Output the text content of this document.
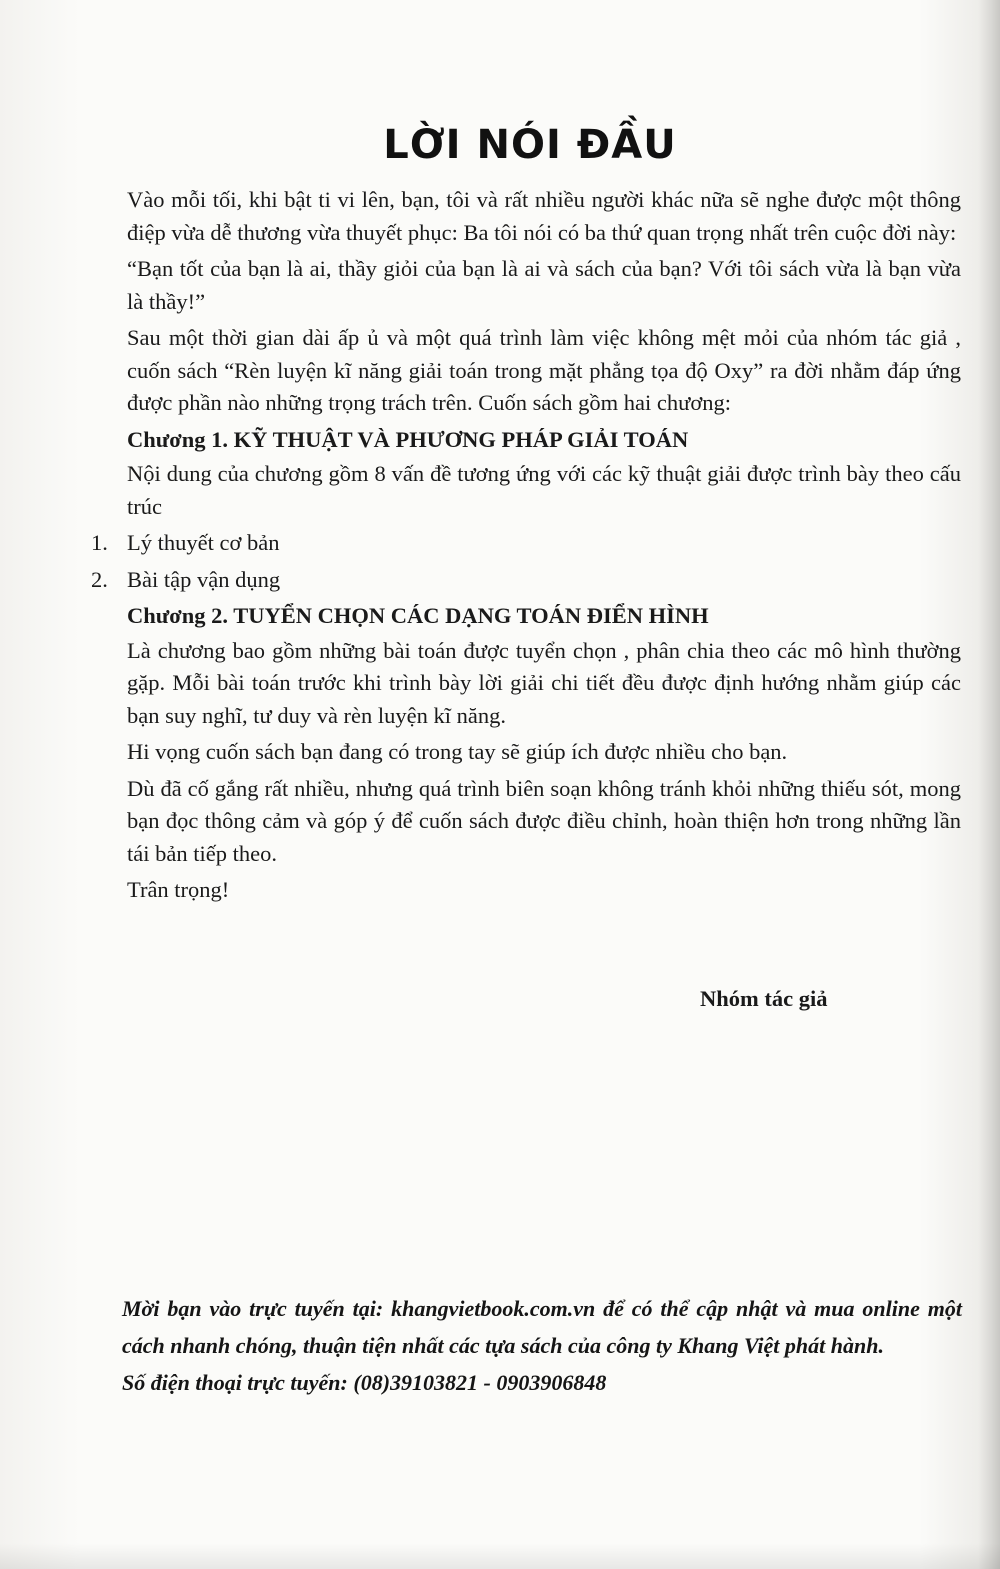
LỜI NÓI ĐẦU

Vào mỗi tối, khi bật ti vi lên, bạn, tôi và rất nhiều người khác nữa sẽ nghe được một thông điệp vừa dễ thương vừa thuyết phục: Ba tôi nói có ba thứ quan trọng nhất trên cuộc đời này:

“Bạn tốt của bạn là ai, thầy giỏi của bạn là ai và sách của bạn? Với tôi sách vừa là bạn vừa là thầy!”

Sau một thời gian dài ấp ủ và một quá trình làm việc không mệt mỏi của nhóm tác giả , cuốn sách “Rèn luyện kĩ năng giải toán trong mặt phẳng tọa độ Oxy” ra đời nhằm đáp ứng được phần nào những trọng trách trên. Cuốn sách gồm hai chương:

Chương 1. KỸ THUẬT VÀ PHƯƠNG PHÁP GIẢI TOÁN

Nội dung của chương gồm 8 vấn đề tương ứng với các kỹ thuật giải được trình bày theo cấu trúc

1. Lý thuyết cơ bản
2. Bài tập vận dụng

Chương 2. TUYỂN CHỌN CÁC DẠNG TOÁN ĐIỂN HÌNH

Là chương bao gồm những bài toán được tuyển chọn , phân chia theo các mô hình thường gặp. Mỗi bài toán trước khi trình bày lời giải chi tiết đều được định hướng nhằm giúp các bạn suy nghĩ, tư duy và rèn luyện kĩ năng.

Hi vọng cuốn sách bạn đang có trong tay sẽ giúp ích được nhiều cho bạn.

Dù đã cố gắng rất nhiều, nhưng quá trình biên soạn không tránh khỏi những thiếu sót, mong bạn đọc thông cảm và góp ý để cuốn sách được điều chỉnh, hoàn thiện hơn trong những lần tái bản tiếp theo.

Trân trọng!

Nhóm tác giả

Mời bạn vào trực tuyến tại: khangvietbook.com.vn để có thể cập nhật và mua online một cách nhanh chóng, thuận tiện nhất các tựa sách của công ty Khang Việt phát hành.

Số điện thoại trực tuyến: (08)39103821 - 0903906848
